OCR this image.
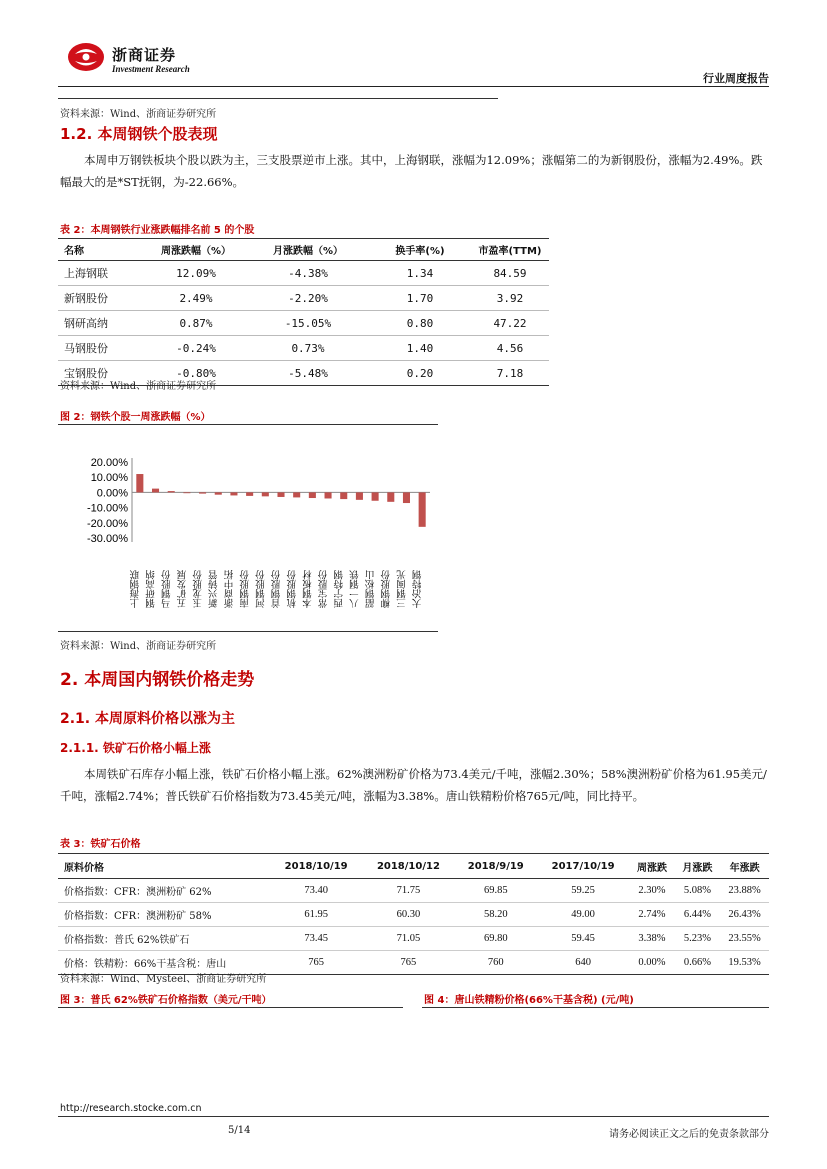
浙商证券
Investment Research
行业周度报告
资料来源：Wind、浙商证券研究所
1.2. 本周钢铁个股表现
本周申万钢铁板块个股以跌为主，三支股票逆市上涨。其中，上海钢联，涨幅为12.09%；涨幅第二的为新钢股份，涨幅为2.49%。跌幅最大的是*ST抚钢，为-22.66%。
表 2：本周钢铁行业涨跌幅排名前 5 的个股
名称	周涨跌幅（%）	月涨跌幅（%）	换手率(%)	市盈率(TTM)
上海钢联	12.09%	-4.38%	1.34	84.59
新钢股份	2.49%	-2.20%	1.70	3.92
钢研高纳	0.87%	-15.05%	0.80	47.22
马钢股份	-0.24%	0.73%	1.40	4.56
宝钢股份	-0.80%	-5.48%	0.20	7.18
资料来源：Wind、浙商证券研究所
图 2：钢铁个股一周涨跌幅（%）
20.00%
10.00%
0.00%
-10.00%
-20.00%
-30.00%
上海钢联 钢研高纳 马钢股份 五矿发展 玉龙股份 新兴铸管 浙商中拓 南钢股份 河钢股份 首钢股份 杭钢股份 本钢板材 常宝股份 西宁特钢 八一钢铁 韶钢松山 柳钢股份 三钢闽光 大冶特钢
资料来源：Wind、浙商证券研究所
2. 本周国内钢铁价格走势
2.1. 本周原料价格以涨为主
2.1.1. 铁矿石价格小幅上涨
本周铁矿石库存小幅上涨，铁矿石价格小幅上涨。62%澳洲粉矿价格为73.4美元/千吨，涨幅2.30%；58%澳洲粉矿价格为61.95美元/千吨，涨幅2.74%；普氏铁矿石价格指数为73.45美元/吨，涨幅为3.38%。唐山铁精粉价格765元/吨，同比持平。
表 3：铁矿石价格
原料价格	2018/10/19	2018/10/12	2018/9/19	2017/10/19	周涨跌	月涨跌	年涨跌
价格指数：CFR：澳洲粉矿 62%	73.40	71.75	69.85	59.25	2.30%	5.08%	23.88%
价格指数：CFR：澳洲粉矿 58%	61.95	60.30	58.20	49.00	2.74%	6.44%	26.43%
价格指数：普氏 62%铁矿石	73.45	71.05	69.80	59.45	3.38%	5.23%	23.55%
价格：铁精粉：66%干基含税：唐山	765	765	760	640	0.00%	0.66%	19.53%
资料来源：Wind、Mysteel、浙商证券研究所
图 3：普氏 62%铁矿石价格指数（美元/干吨）	图 4：唐山铁精粉价格(66%干基含税) (元/吨)
http://research.stocke.com.cn
5/14	请务必阅读正文之后的免责条款部分
